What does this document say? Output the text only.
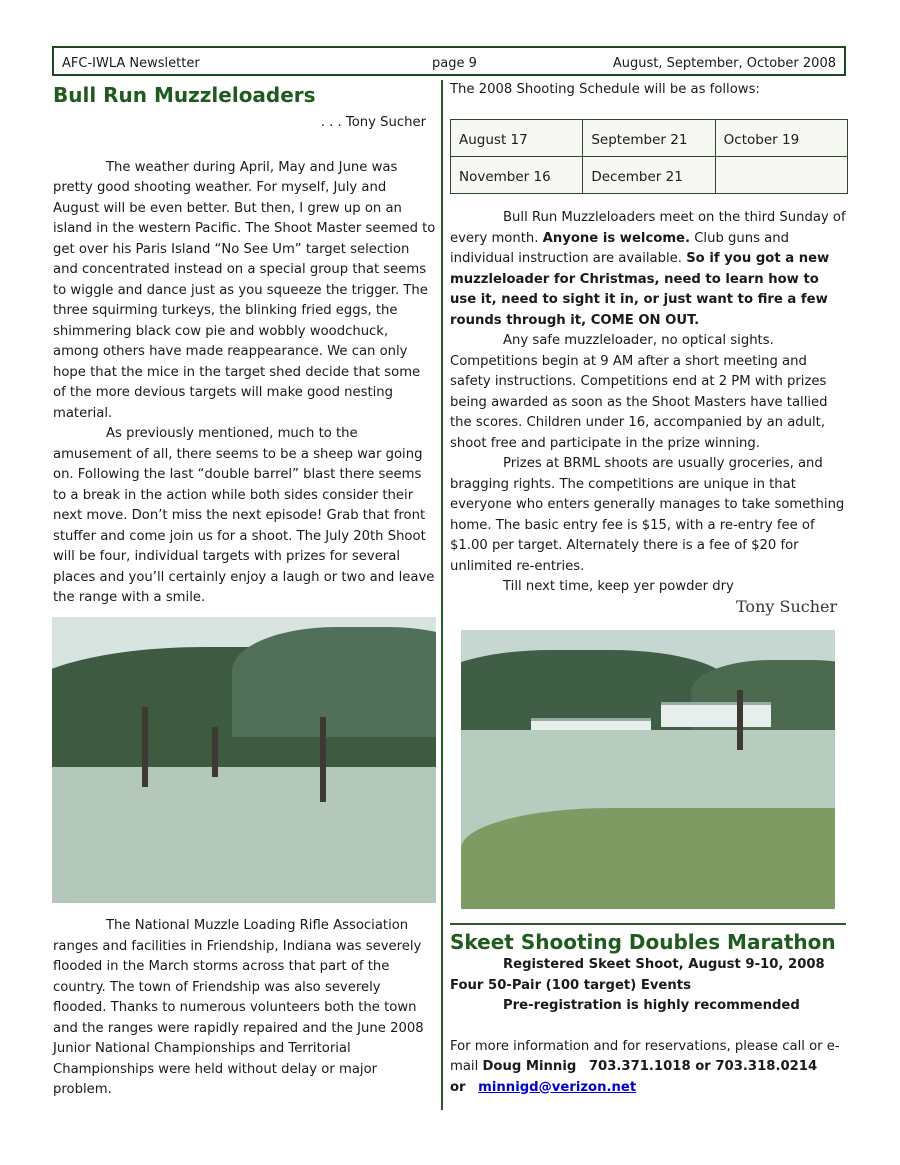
AFC-IWLA Newsletter	page 9	August, September, October 2008
Bull Run Muzzleloaders

. . . Tony Sucher

The weather during April, May and June was pretty good shooting weather. For myself, July and August will be even better. But then, I grew up on an island in the western Pacific. The Shoot Master seemed to get over his Paris Island “No See Um” target selection and concentrated instead on a special group that seems to wiggle and dance just as you squeeze the trigger. The three squirming turkeys, the blinking fried eggs, the shimmering black cow pie and wobbly woodchuck, among others have made reappearance. We can only hope that the mice in the target shed decide that some of the more devious targets will make good nesting material.

As previously mentioned, much to the amusement of all, there seems to be a sheep war going on. Following the last “double barrel” blast there seems to a break in the action while both sides consider their next move. Don’t miss the next episode! Grab that front stuffer and come join us for a shoot. The July 20th Shoot will be four, individual targets with prizes for several places and you’ll certainly enjoy a laugh or two and leave the range with a smile.

The National Muzzle Loading Rifle Association ranges and facilities in Friendship, Indiana was severely flooded in the March storms across that part of the country. The town of Friendship was also severely flooded. Thanks to numerous volunteers both the town and the ranges were rapidly repaired and the June 2008 Junior National Championships and Territorial Championships were held without delay or major problem.

The 2008 Shooting Schedule will be as follows:

August 17	September 21	October 19
November 16	December 21	

Bull Run Muzzleloaders meet on the third Sunday of every month. Anyone is welcome. Club guns and individual instruction are available. So if you got a new muzzleloader for Christmas, need to learn how to use it, need to sight it in, or just want to fire a few rounds through it, COME ON OUT.

Any safe muzzleloader, no optical sights. Competitions begin at 9 AM after a short meeting and safety instructions. Competitions end at 2 PM with prizes being awarded as soon as the Shoot Masters have tallied the scores. Children under 16, accompanied by an adult, shoot free and participate in the prize winning.

Prizes at BRML shoots are usually groceries, and bragging rights. The competitions are unique in that everyone who enters generally manages to take something home. The basic entry fee is $15, with a re-entry fee of $1.00 per target. Alternately there is a fee of $20 for unlimited re-entries.

Till next time, keep yer powder dry

Tony Sucher
Skeet Shooting Doubles Marathon

Registered Skeet Shoot, August 9-10, 2008

Four 50-Pair (100 target) Events

Pre-registration is highly recommended

For more information and for reservations, please call or e-mail Doug Minnig 703.371.1018 or 703.318.0214
or minnigd@verizon.net
